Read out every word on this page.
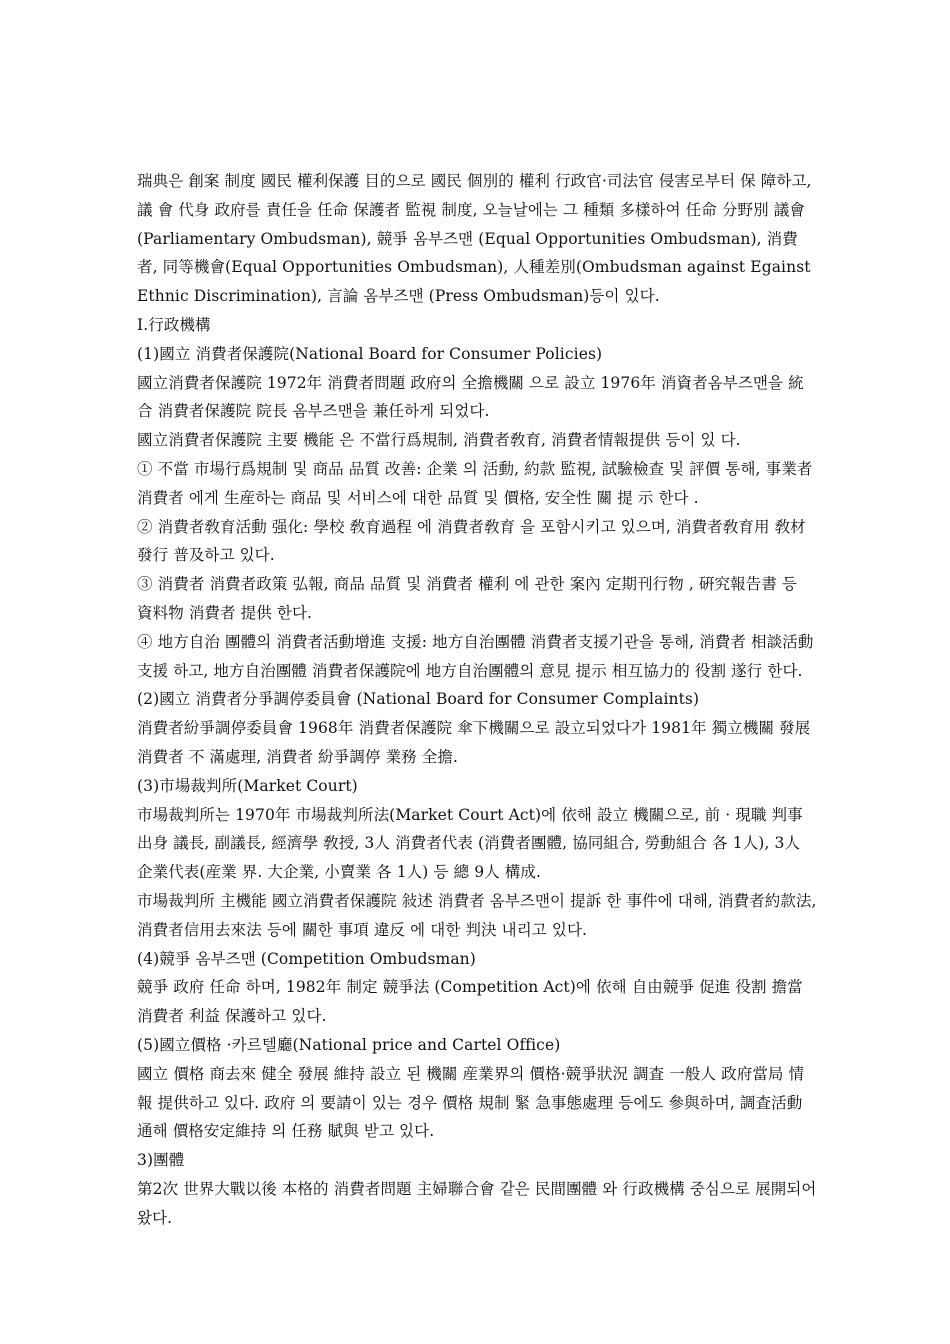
瑞典은 創案 制度 國民 權利保護 目的으로 國民 個別的 權利 行政官·司法官 侵害로부터 保 障하고, 議 會 代身 政府를 責任을 任命 保護者 監視 制度, 오늘날에는 그 種類 多樣하여 任命 分野別 議會(Parliamentary Ombudsman), 競爭 옴부즈맨 (Equal Opportunities Ombudsman), 消費者, 同等機會(Equal Opportunities Ombudsman), 人種差別(Ombudsman against Egainst Ethnic Discrimination), 言論 옴부즈맨 (Press Ombudsman)등이 있다.

I.行政機構

(1)國立 消費者保護院(National Board for Consumer Policies)

國立消費者保護院 1972年 消費者問題 政府의 全擔機關 으로 設立 1976年 消資者옴부즈맨을 統合 消費者保護院 院長 옴부즈맨을 兼任하게 되었다.

國立消費者保護院 主要 機能 은 不當行爲規制, 消費者敎育, 消費者情報提供 등이 있 다.

① 不當 市場行爲規制 및 商品 品質 改善: 企業 의 活動, 約款 監視, 試驗檢查 및 評價 통해, 事業者 消費者 에게 生産하는 商品 및 서비스에 대한 品質 및 價格, 安全性 關 提 示 한다 .

② 消費者敎育活動 强化: 學校 敎育過程 에 消費者敎育 을 포함시키고 있으며, 消費者敎育用 敎材 發行 普及하고 있다.

③ 消費者 消費者政策 弘報, 商品 品質 및 消費者 權利 에 관한 案內 定期刊行物 , 硏究報告書 등 資料物 消費者 提供 한다.

④ 地方自治 團體의 消費者活動增進 支援: 地方自治團體 消費者支援기관을 통해, 消費者 相談活動 支援 하고, 地方自治團體 消費者保護院에 地方自治團體의 意見 提示 相互協力的 役割 遂行 한다.

(2)國立 消費者分爭調停委員會 (National Board for Consumer Complaints)

消費者紛爭調停委員會 1968年 消費者保護院 傘下機關으로 設立되었다가 1981年 獨立機關 發展 消費者 不 滿處理, 消費者 紛爭調停 業務 全擔.

(3)市場裁判所(Market Court)

市場裁判所는 1970年 市場裁判所法(Market Court Act)에 依해 設立 機關으로, 前 · 現職 判事 出身 議長, 副議長, 經濟學 敎授, 3人 消費者代表 (消費者團體, 協同組合, 勞動組合 各 1人), 3人 企業代表(産業 界. 大企業, 小賣業 各 1人) 등 總 9人 構成.

市場裁判所 主機能 國立消費者保護院 敍述 消費者 옴부즈맨이 提訴 한 事件에 대해, 消費者約款法, 消費者信用去來法 등에 關한 事項 違反 에 대한 判決 내리고 있다.

(4)競爭 옴부즈맨 (Competition Ombudsman)

競爭 政府 任命 하며, 1982年 制定 競爭法 (Competition Act)에 依해 自由競爭 促進 役割 擔當 消費者 利益 保護하고 있다.

(5)國立價格 ·카르텔廳(National price and Cartel Office)

國立 價格 商去來 健全 發展 維持 設立 된 機關 産業界의 價格·競爭狀況 調査 一般人 政府當局 情報 提供하고 있다. 政府 의 要請이 있는 경우 價格 規制 緊 急事態處理 등에도 參與하며, 調査活動 通해 價格安定維持 의 任務 賦與 받고 있다.

3)團體

第2次 世界大戰以後 本格的 消費者問題 主婦聯合會 같은 民間團體 와 行政機構 중심으로 展開되어 왔다.
